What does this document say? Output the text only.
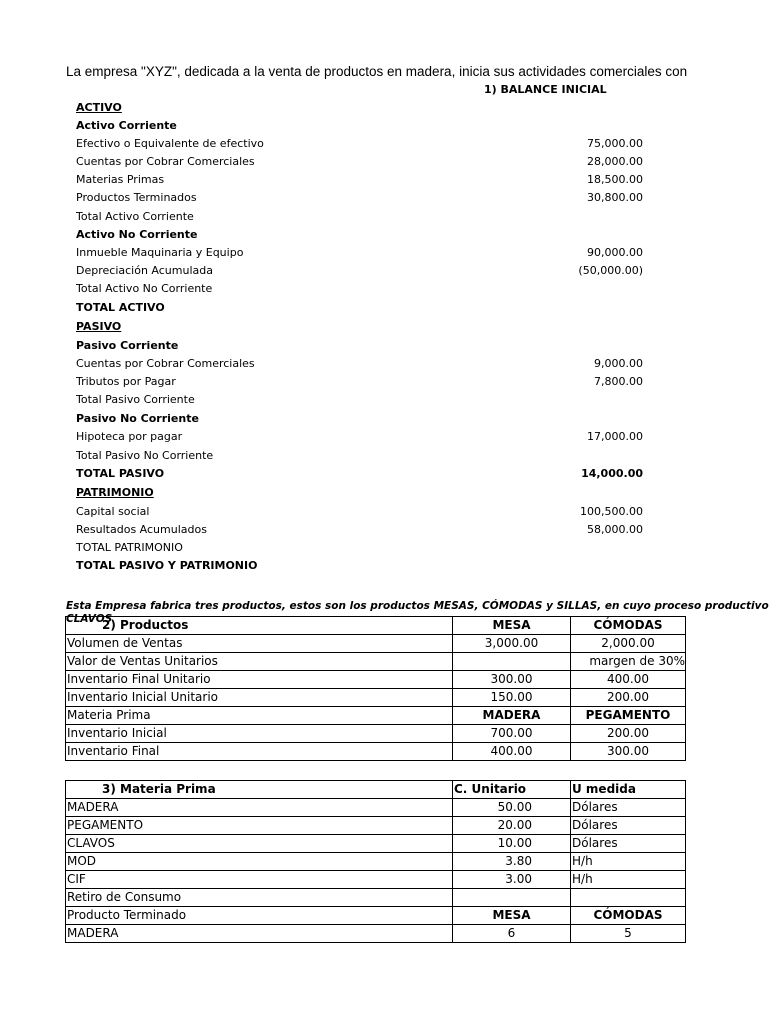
La empresa "XYZ", dedicada a la venta de productos en madera, inicia sus actividades comerciales con
1) BALANCE INICIAL
ACTIVO
Activo Corriente
Efectivo o Equivalente de efectivo	75,000.00
Cuentas por Cobrar Comerciales	28,000.00
Materias Primas	18,500.00
Productos Terminados	30,800.00
Total Activo Corriente
Activo No Corriente
Inmueble Maquinaria y Equipo	90,000.00
Depreciación Acumulada	(50,000.00)
Total Activo No Corriente
TOTAL ACTIVO
PASIVO
Pasivo Corriente
Cuentas por Cobrar Comerciales	9,000.00
Tributos por Pagar	7,800.00
Total Pasivo Corriente
Pasivo No Corriente
Hipoteca por pagar	17,000.00
Total Pasivo No Corriente
TOTAL PASIVO	14,000.00
PATRIMONIO
Capital social	100,500.00
Resultados Acumulados	58,000.00
TOTAL PATRIMONIO
TOTAL PASIVO Y PATRIMONIO
Esta Empresa fabrica tres productos, estos son los productos MESAS, CÓMODAS y SILLAS, en cuyo proceso productivo
CLAVOS
2) Productos	MESA	CÓMODAS
Volumen de Ventas	3,000.00	2,000.00
Valor de Ventas Unitarios		30% margen de
Inventario Final Unitario	300.00	400.00
Inventario Inicial Unitario	150.00	200.00
Materia Prima	MADERA	PEGAMENTO
Inventario Inicial	700.00	200.00
Inventario Final	400.00	300.00
3) Materia Prima	C. Unitario	U medida
MADERA	50.00	Dólares
PEGAMENTO	20.00	Dólares
CLAVOS	10.00	Dólares
MOD	3.80	H/h
CIF	3.00	H/h
Retiro de Consumo		
Producto Terminado	MESA	CÓMODAS
MADERA	6	5
